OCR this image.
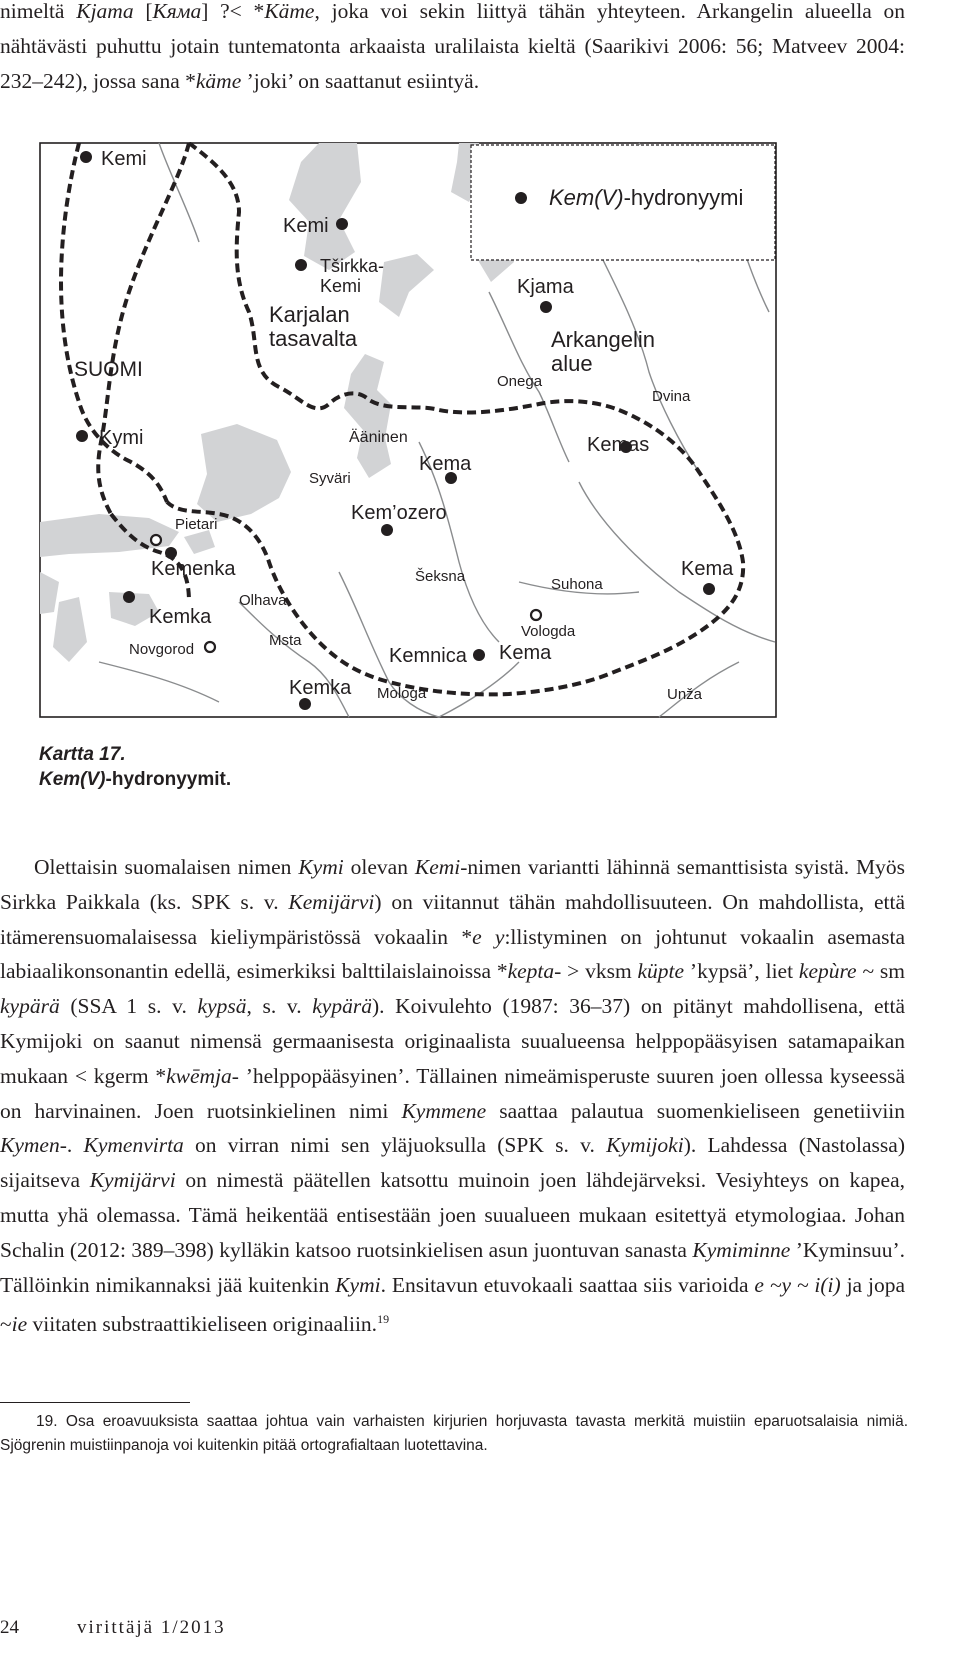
nimeltä Kjama [Кяма] ?< *Käme, joka voi sekin liittyä tähän yhteyteen. Arkangelin alueella on nähtävästi puhuttu jotain tuntematonta arkaaista uralilaista kieltä (Saarikivi 2006: 56; Matveev 2004: 232–242), jossa sana *käme ’joki’ on saattanut esiintyä.

Kem(V)-hydronyymi
Kemi
Kemi
Tširkka-
Kemi
Karjalan
tasavalta
SUOMI
Kymi	Ääninen
Syväri
Kema
Kem’ozero
Pietari
Kemenka
Kemka
Olhava
Novgorod
Msta
Kemka Mologa
Šeksna
Kemnica Kema
Vologda
Suhona
Kema
Unža
Kjama
Arkangelin
alue
Onega
Dvina
Kemas
Kartta 17.
Kem(V)-hydronyymit.

Olettaisin suomalaisen nimen Kymi olevan Kemi-nimen variantti lähinnä semanttisista syistä. Myös Sirkka Paikkala (ks. SPK s. v. Kemijärvi) on viitannut tähän mahdollisuuteen. On mahdollista, että itämerensuomalaisessa kieliympäristössä vokaalin *e y:llistyminen on johtunut vokaalin asemasta labiaalikonsonantin edellä, esimerkiksi balttilaislainoissa *kepta- > vksm küpte ’kypsä’, liet kepùre ~ sm kypärä (SSA 1 s. v. kypsä, s. v. kypärä). Koivulehto (1987: 36–37) on pitänyt mahdollisena, että Kymijoki on saanut nimensä germaanisesta originaalista suualueensa helppopääsyisen satamapaikan mukaan < kgerm *kwēmja- ’helppopääsyinen’. Tällainen nimeämisperuste suuren joen ollessa kyseessä on harvinainen. Joen ruotsinkielinen nimi Kymmene saattaa palautua suomenkieliseen genetiiviin Kymen-. Kymenvirta on virran nimi sen yläjuoksulla (SPK s. v. Kymijoki). Lahdessa (Nastolassa) sijaitseva Kymijärvi on nimestä päätellen katsottu muinoin joen lähdejärveksi. Vesiyhteys on kapea, mutta yhä olemassa. Tämä heikentää entisestään joen suualueen mukaan esitettyä etymologiaa. Johan Schalin (2012: 389–398) kylläkin katsoo ruotsinkielisen asun juontuvan sanasta Kymiminne ’Kyminsuu’. Tällöinkin nimikannaksi jää kuitenkin Kymi. Ensitavun etuvokaali saattaa siis varioida e ~y ~ i(i) ja jopa ~ie viitaten substraattikieliseen originaaliin.$^{19}$

19. Osa eroavuuksista saattaa johtua vain varhaisten kirjurien horjuvasta tavasta merkitä muistiin eparuotsalaisia nimiä. Sjögrenin muistiinpanoja voi kuitenkin pitää ortografialtaan luotettavina.

24	virittäjä 1/2013
